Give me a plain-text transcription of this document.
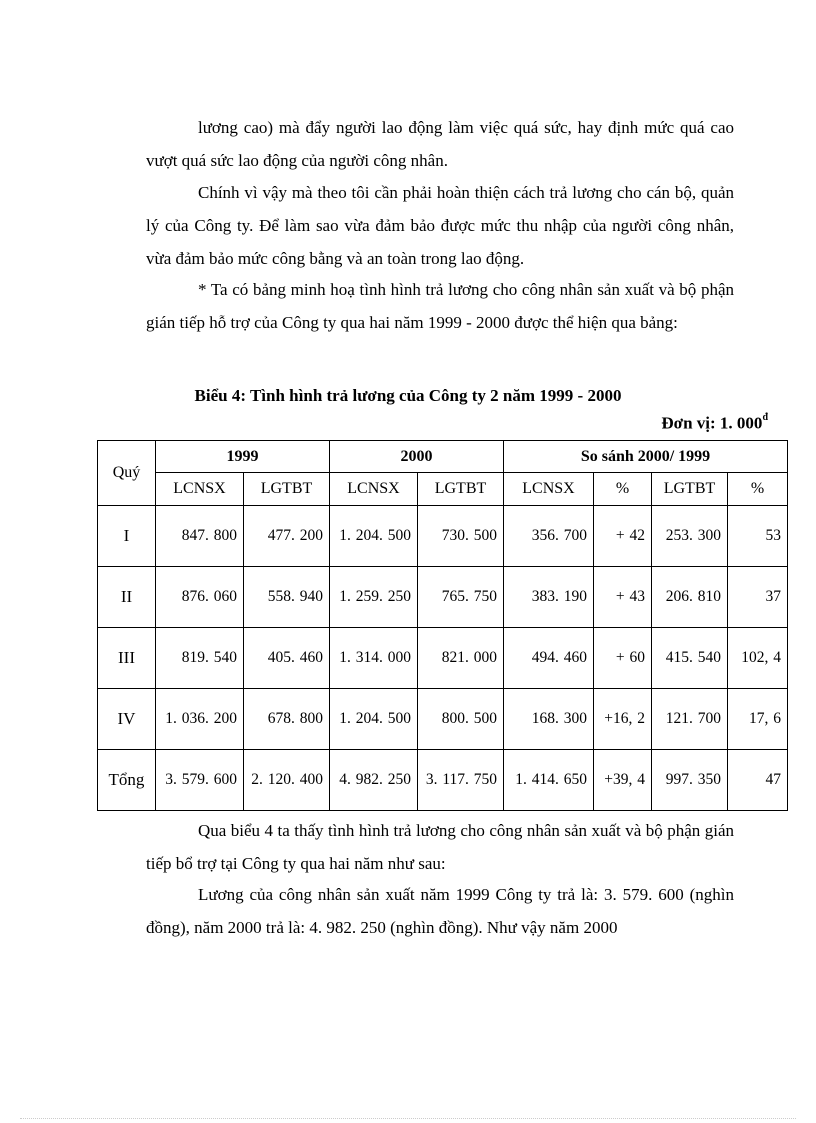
lương cao) mà đẩy người lao động làm việc quá sức, hay định mức quá cao vượt quá sức lao động của người công nhân.

Chính vì vậy mà theo tôi cần phải hoàn thiện cách trả lương cho cán bộ, quản lý của Công ty. Để làm sao vừa đảm bảo được mức thu nhập của người công nhân, vừa đảm bảo mức công bằng và an toàn trong lao động.

* Ta có bảng minh hoạ tình hình trả lương cho công nhân sản xuất và bộ phận gián tiếp hỗ trợ của Công ty qua hai năm 1999 - 2000 được thể hiện qua bảng:

Biểu 4: Tình hình trả lương của Công ty 2 năm 1999 - 2000

Đơn vị: 1. $000^đ$

Quý	1999		2000		So sánh 2000/ 1999			
	LCNSX	LGTBT	LCNSX	LGTBT	LCNSX	%	LGTBT	%
I	847. 800	477. 200	1. 204. 500	730. 500	356. 700	+ 42	253. 300	53
II	876. 060	558. 940	1. 259. 250	765. 750	383. 190	+ 43	206. 810	37
III	819. 540	405. 460	1. 314. 000	821. 000	494. 460	+ 60	415. 540	102, 4
IV	1. 036. 200	678. 800	1. 204. 500	800. 500	168. 300	+16, 2	121. 700	17, 6
Tổng	3. 579. 600	2. 120. 400	4. 982. 250	3. 117. 750	1. 414. 650	+39, 4	997. 350	47

Qua biểu 4 ta thấy tình hình trả lương cho công nhân sản xuất và bộ phận gián tiếp bổ trợ tại Công ty qua hai năm như sau:

Lương của công nhân sản xuất năm 1999 Công ty trả là: 3. 579. 600 (nghìn đồng), năm 2000 trả là: 4. 982. 250 (nghìn đồng). Như vậy năm 2000
